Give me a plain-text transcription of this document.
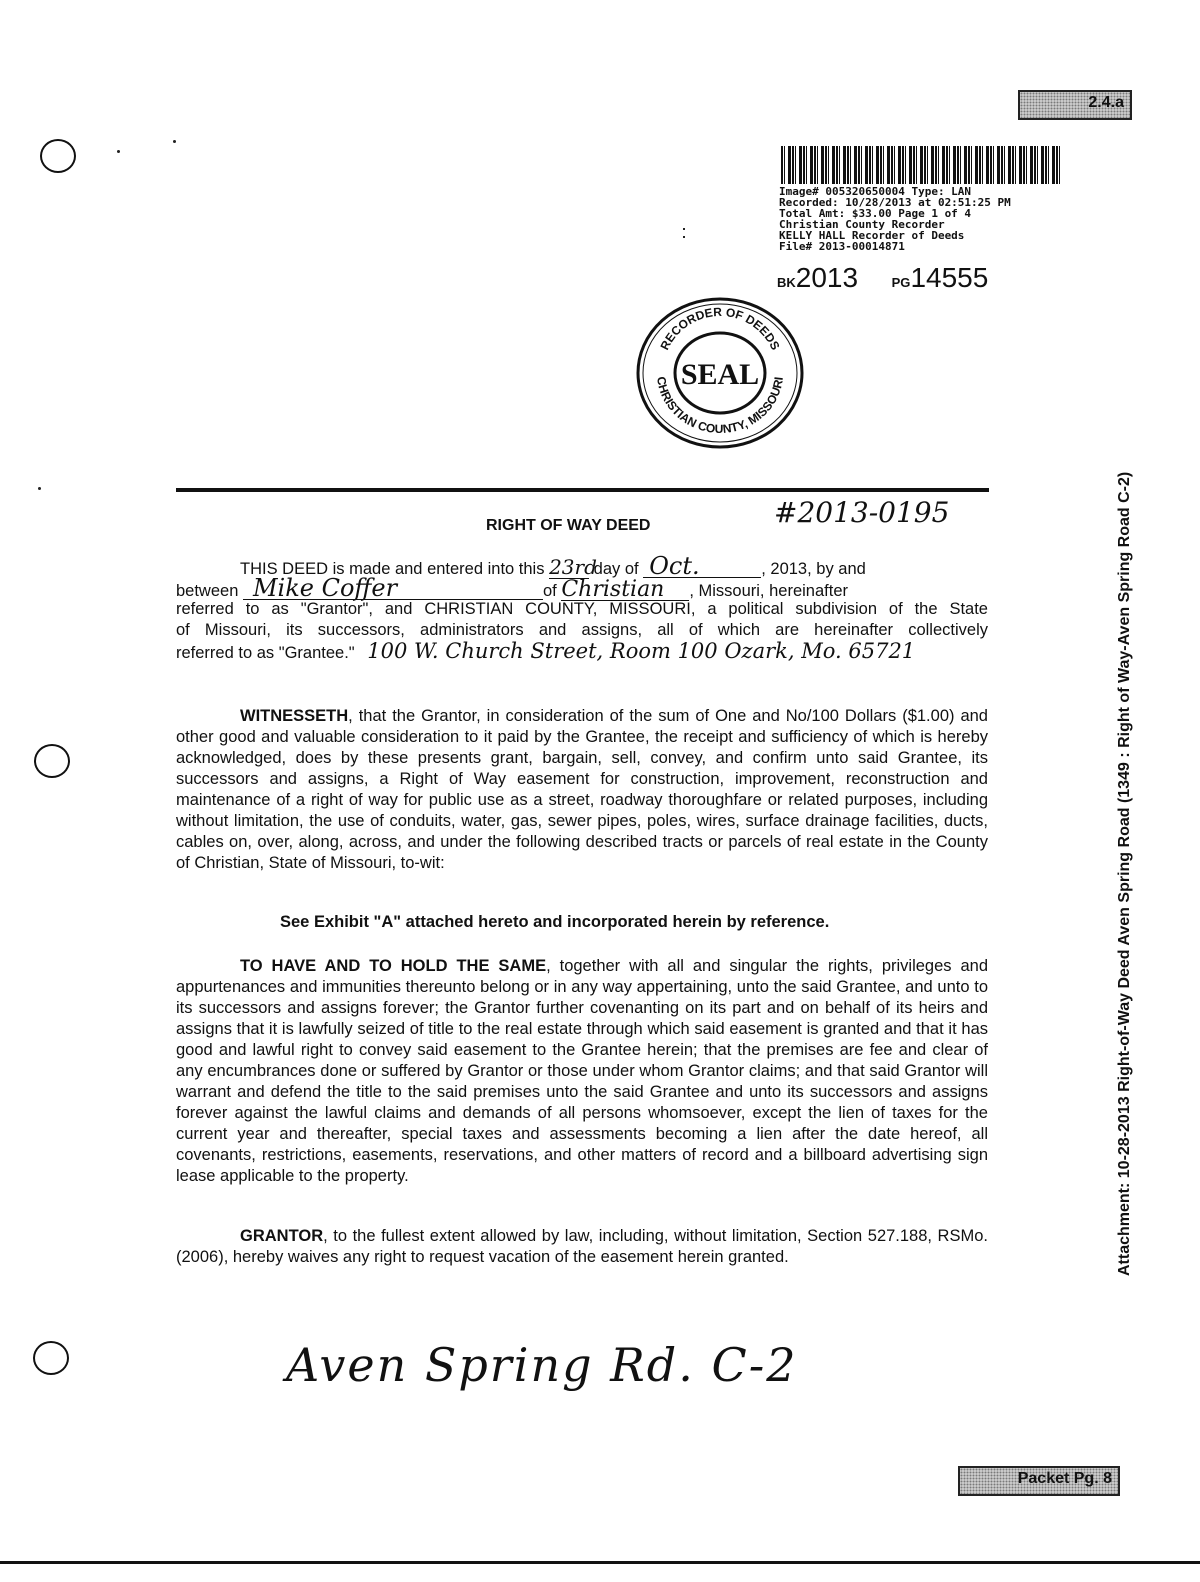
2.4.a
Image# 005320650004 Type: LAN
Recorded: 10/28/2013 at 02:51:25 PM
Total Amt: $33.00 Page 1 of 4
Christian County Recorder
KELLY HALL Recorder of Deeds
File# 2013-00014871
BK2013	PG14555
RECORDER OF DEEDS
CHRISTIAN COUNTY, MISSOURI
SEAL
RIGHT OF WAY DEED	#2013-0195
THIS DEED is made and entered into this 23rd day of Oct.	, 2013, by and
between Mike Coffer	of Christian , Missouri, hereinafter
referred to as "Grantor", and CHRISTIAN COUNTY, MISSOURI, a political subdivision of the State
of Missouri, its successors, administrators and assigns, all of which are hereinafter collectively
referred to as "Grantee." 100 W. Church Street, Room 100 Ozark, Mo. 65721
WITNESSETH, that the Grantor, in consideration of the sum of One and No/100 Dollars ($1.00) and other good and valuable consideration to it paid by the Grantee, the receipt and sufficiency of which is hereby acknowledged, does by these presents grant, bargain, sell, convey, and confirm unto said Grantee, its successors and assigns, a Right of Way easement for construction, improvement, reconstruction and maintenance of a right of way for public use as a street, roadway thoroughfare or related purposes, including without limitation, the use of conduits, water, gas, sewer pipes, poles, wires, surface drainage facilities, ducts, cables on, over, along, across, and under the following described tracts or parcels of real estate in the County of Christian, State of Missouri, to-wit:
See Exhibit "A" attached hereto and incorporated herein by reference.
TO HAVE AND TO HOLD THE SAME, together with all and singular the rights, privileges and appurtenances and immunities thereunto belong or in any way appertaining, unto the said Grantee, and unto to its successors and assigns forever; the Grantor further covenanting on its part and on behalf of its heirs and assigns that it is lawfully seized of title to the real estate through which said easement is granted and that it has good and lawful right to convey said easement to the Grantee herein; that the premises are fee and clear of any encumbrances done or suffered by Grantor or those under whom Grantor claims; and that said Grantor will warrant and defend the title to the said premises unto the said Grantee and unto its successors and assigns forever against the lawful claims and demands of all persons whomsoever, except the lien of taxes for the current year and thereafter, special taxes and assessments becoming a lien after the date hereof, all covenants, restrictions, easements, reservations, and other matters of record and a billboard advertising sign lease applicable to the property.
GRANTOR, to the fullest extent allowed by law, including, without limitation, Section 527.188, RSMo. (2006), hereby waives any right to request vacation of the easement herein granted.
Aven Spring Rd. C-2
Attachment: 10-28-2013 Right-of-Way Deed Aven Spring Road (1349 : Right of Way-Aven Spring Road C-2)
Packet Pg. 8
